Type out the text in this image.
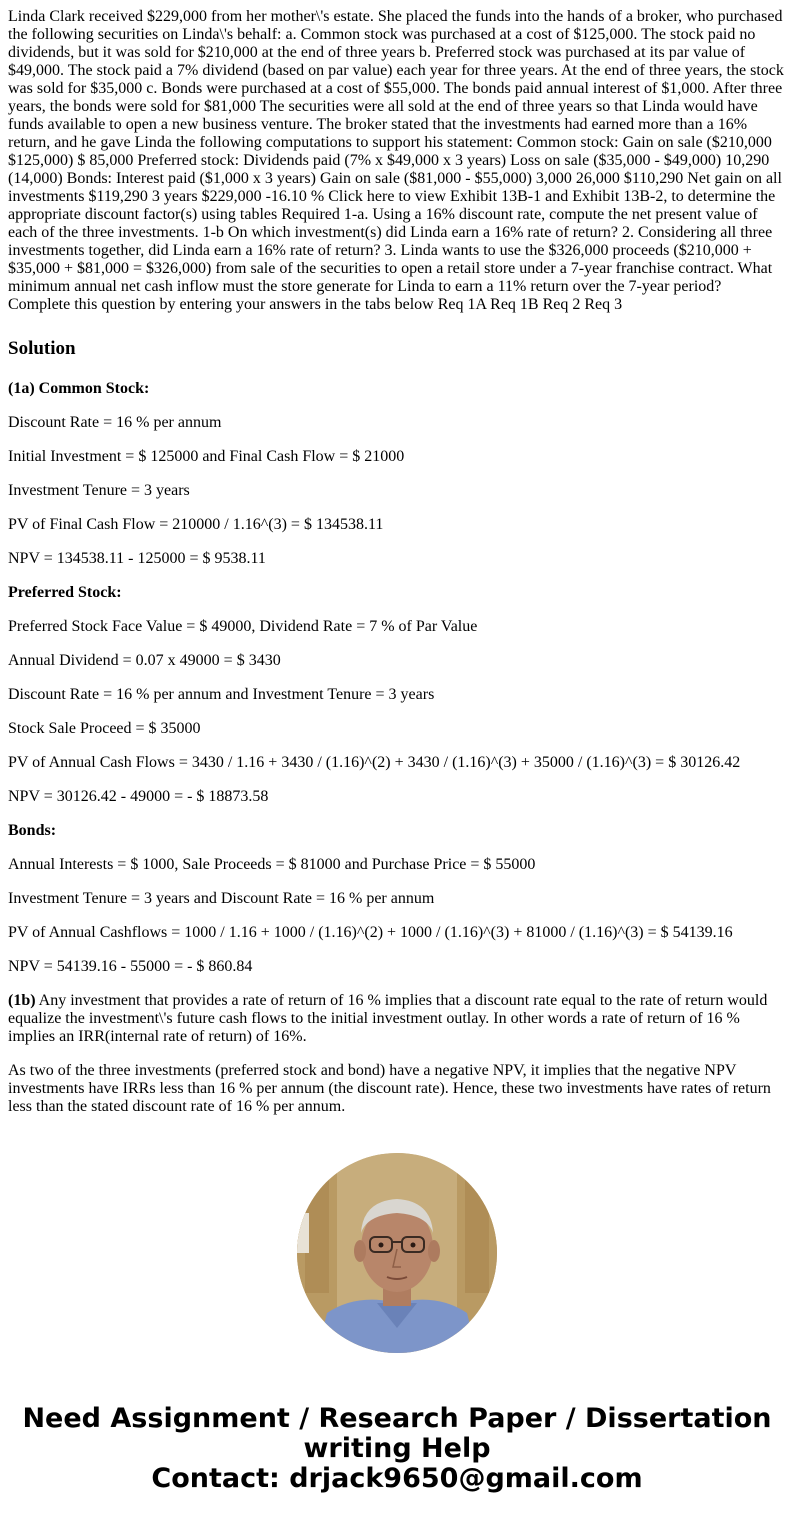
Linda Clark received $229,000 from her mother\'s estate. She placed the funds into the hands of a broker, who purchased the following securities on Linda\'s behalf: a. Common stock was purchased at a cost of $125,000. The stock paid no dividends, but it was sold for $210,000 at the end of three years b. Preferred stock was purchased at its par value of $49,000. The stock paid a 7% dividend (based on par value) each year for three years. At the end of three years, the stock was sold for $35,000 c. Bonds were purchased at a cost of $55,000. The bonds paid annual interest of $1,000. After three years, the bonds were sold for $81,000 The securities were all sold at the end of three years so that Linda would have funds available to open a new business venture. The broker stated that the investments had earned more than a 16% return, and he gave Linda the following computations to support his statement: Common stock: Gain on sale ($210,000 $125,000) $ 85,000 Preferred stock: Dividends paid (7% x $49,000 x 3 years) Loss on sale ($35,000 - $49,000) 10,290 (14,000) Bonds: Interest paid ($1,000 x 3 years) Gain on sale ($81,000 - $55,000) 3,000 26,000 $110,290 Net gain on all investments $119,290 3 years $229,000 -16.10 % Click here to view Exhibit 13B-1 and Exhibit 13B-2, to determine the appropriate discount factor(s) using tables Required 1-a. Using a 16% discount rate, compute the net present value of each of the three investments. 1-b On which investment(s) did Linda earn a 16% rate of return? 2. Considering all three investments together, did Linda earn a 16% rate of return? 3. Linda wants to use the $326,000 proceeds ($210,000 + $35,000 + $81,000 = $326,000) from sale of the securities to open a retail store under a 7-year franchise contract. What minimum annual net cash inflow must the store generate for Linda to earn a 11% return over the 7-year period? Complete this question by entering your answers in the tabs below Req 1A Req 1B Req 2 Req 3

Solution

(1a) Common Stock:

Discount Rate = 16 % per annum

Initial Investment = $ 125000 and Final Cash Flow = $ 21000

Investment Tenure = 3 years

PV of Final Cash Flow = 210000 / 1.16^(3) = $ 134538.11

NPV = 134538.11 - 125000 = $ 9538.11

Preferred Stock:

Preferred Stock Face Value = $ 49000, Dividend Rate = 7 % of Par Value

Annual Dividend = 0.07 x 49000 = $ 3430

Discount Rate = 16 % per annum and Investment Tenure = 3 years

Stock Sale Proceed = $ 35000

PV of Annual Cash Flows = 3430 / 1.16 + 3430 / (1.16)^(2) + 3430 / (1.16)^(3) + 35000 / (1.16)^(3) = $ 30126.42

NPV = 30126.42 - 49000 = - $ 18873.58

Bonds:

Annual Interests = $ 1000, Sale Proceeds = $ 81000 and Purchase Price = $ 55000

Investment Tenure = 3 years and Discount Rate = 16 % per annum

PV of Annual Cashflows = 1000 / 1.16 + 1000 / (1.16)^(2) + 1000 / (1.16)^(3) + 81000 / (1.16)^(3) = $ 54139.16

NPV = 54139.16 - 55000 = - $ 860.84

(1b) Any investment that provides a rate of return of 16 % implies that a discount rate equal to the rate of return would equalize the investment\'s future cash flows to the initial investment outlay. In other words a rate of return of 16 % implies an IRR(internal rate of return) of 16%.

As two of the three investments (preferred stock and bond) have a negative NPV, it implies that the negative NPV investments have IRRs less than 16 % per annum (the discount rate). Hence, these two investments have rates of return less than the stated discount rate of 16 % per annum.

Need Assignment / Research Paper / Dissertation
writing Help
Contact: drjack9650@gmail.com
